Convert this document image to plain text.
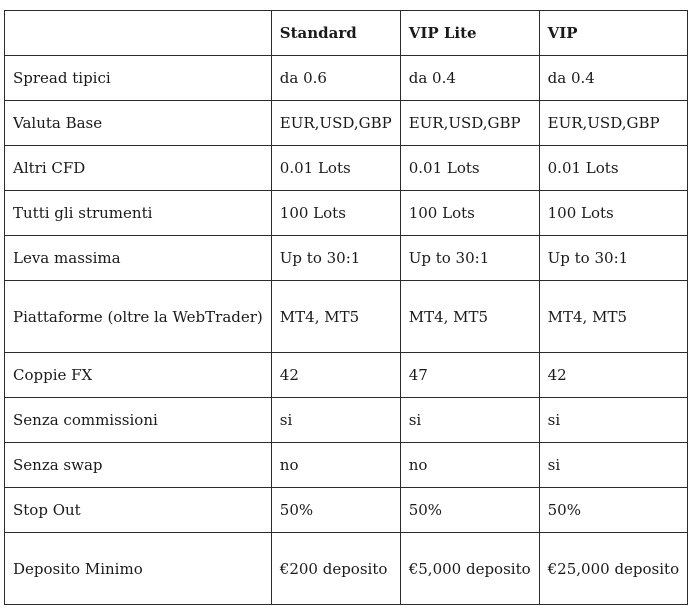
	Standard	VIP Lite	VIP
Spread tipici	da 0.6	da 0.4	da 0.4
Valuta Base	EUR,USD,GBP	EUR,USD,GBP	EUR,USD,GBP
Altri CFD	0.01 Lots	0.01 Lots	0.01 Lots
Tutti gli strumenti	100 Lots	100 Lots	100 Lots
Leva massima	Up to 30:1	Up to 30:1	Up to 30:1
Piattaforme (oltre la WebTrader)	MT4, MT5	MT4, MT5	MT4, MT5
Coppie FX	42	47	42
Senza commissioni	si	si	si
Senza swap	no	no	si
Stop Out	50%	50%	50%
Deposito Minimo	€200 deposito	€5,000 deposito	€25,000 deposito
